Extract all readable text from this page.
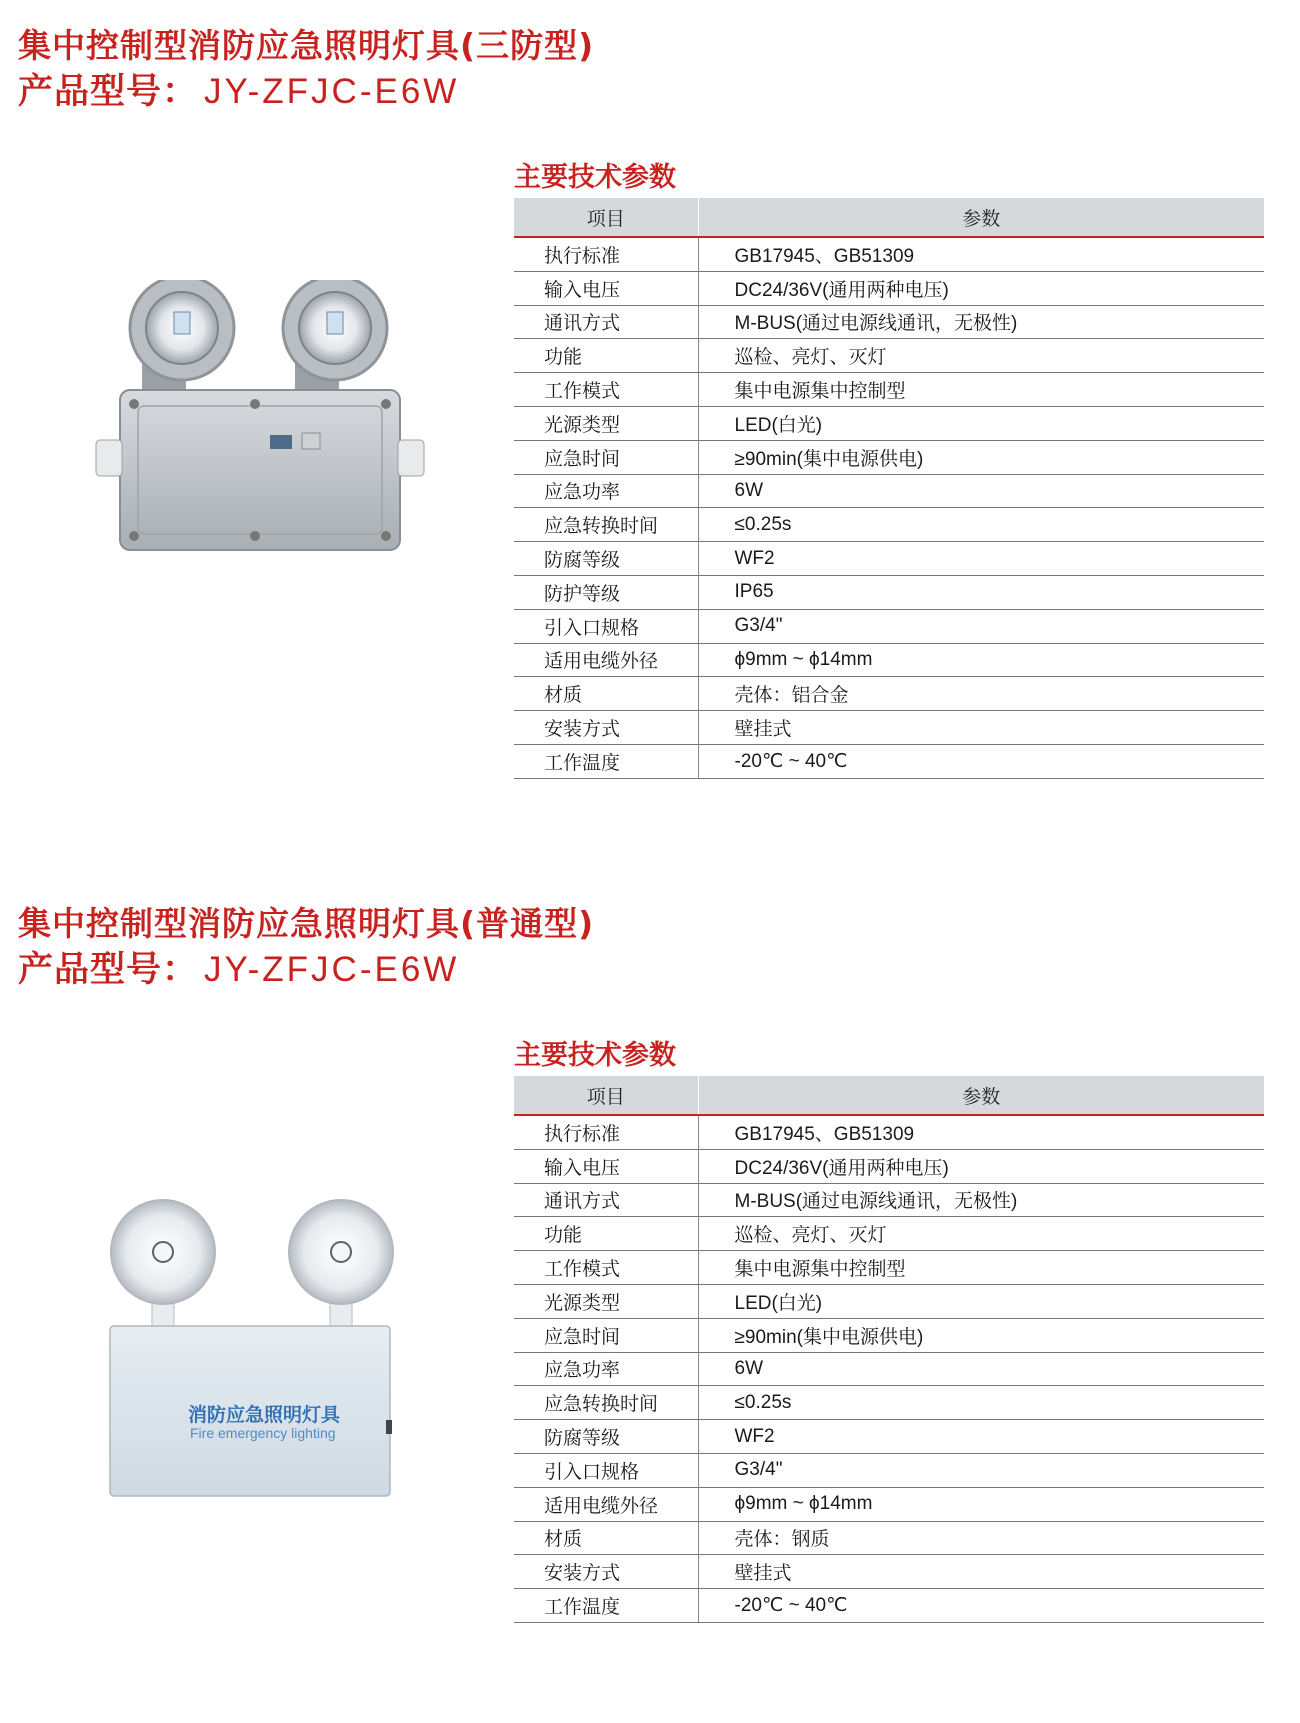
集中控制型消防应急照明灯具(三防型)
产品型号： JY-ZFJC-E6W
主要技术参数
项目	参数
执行标准	GB17945、GB51309
输入电压	DC24/36V(通用两种电压)
通讯方式	M-BUS(通过电源线通讯，无极性)
功能	巡检、亮灯、灭灯
工作模式	集中电源集中控制型
光源类型	LED(白光)
应急时间	≥90min(集中电源供电)
应急功率	6W
应急转换时间	≤0.25s
防腐等级	WF2
防护等级	IP65
引入口规格	G3/4"
适用电缆外径	ϕ9mm ~ ϕ14mm
材质	壳体：铝合金
安装方式	壁挂式
工作温度	-20℃ ~ 40℃
集中控制型消防应急照明灯具(普通型)
产品型号： JY-ZFJC-E6W
主要技术参数
项目	参数
执行标准	GB17945、GB51309
输入电压	DC24/36V(通用两种电压)
通讯方式	M-BUS(通过电源线通讯，无极性)
功能	巡检、亮灯、灭灯
工作模式	集中电源集中控制型
光源类型	LED(白光)
应急时间	≥90min(集中电源供电)
应急功率	6W
应急转换时间	≤0.25s
防腐等级	WF2
引入口规格	G3/4"
适用电缆外径	ϕ9mm ~ ϕ14mm
材质	壳体：钢质
安装方式	壁挂式
工作温度	-20℃ ~ 40℃
消防应急照明灯具
Fire emergency lighting
